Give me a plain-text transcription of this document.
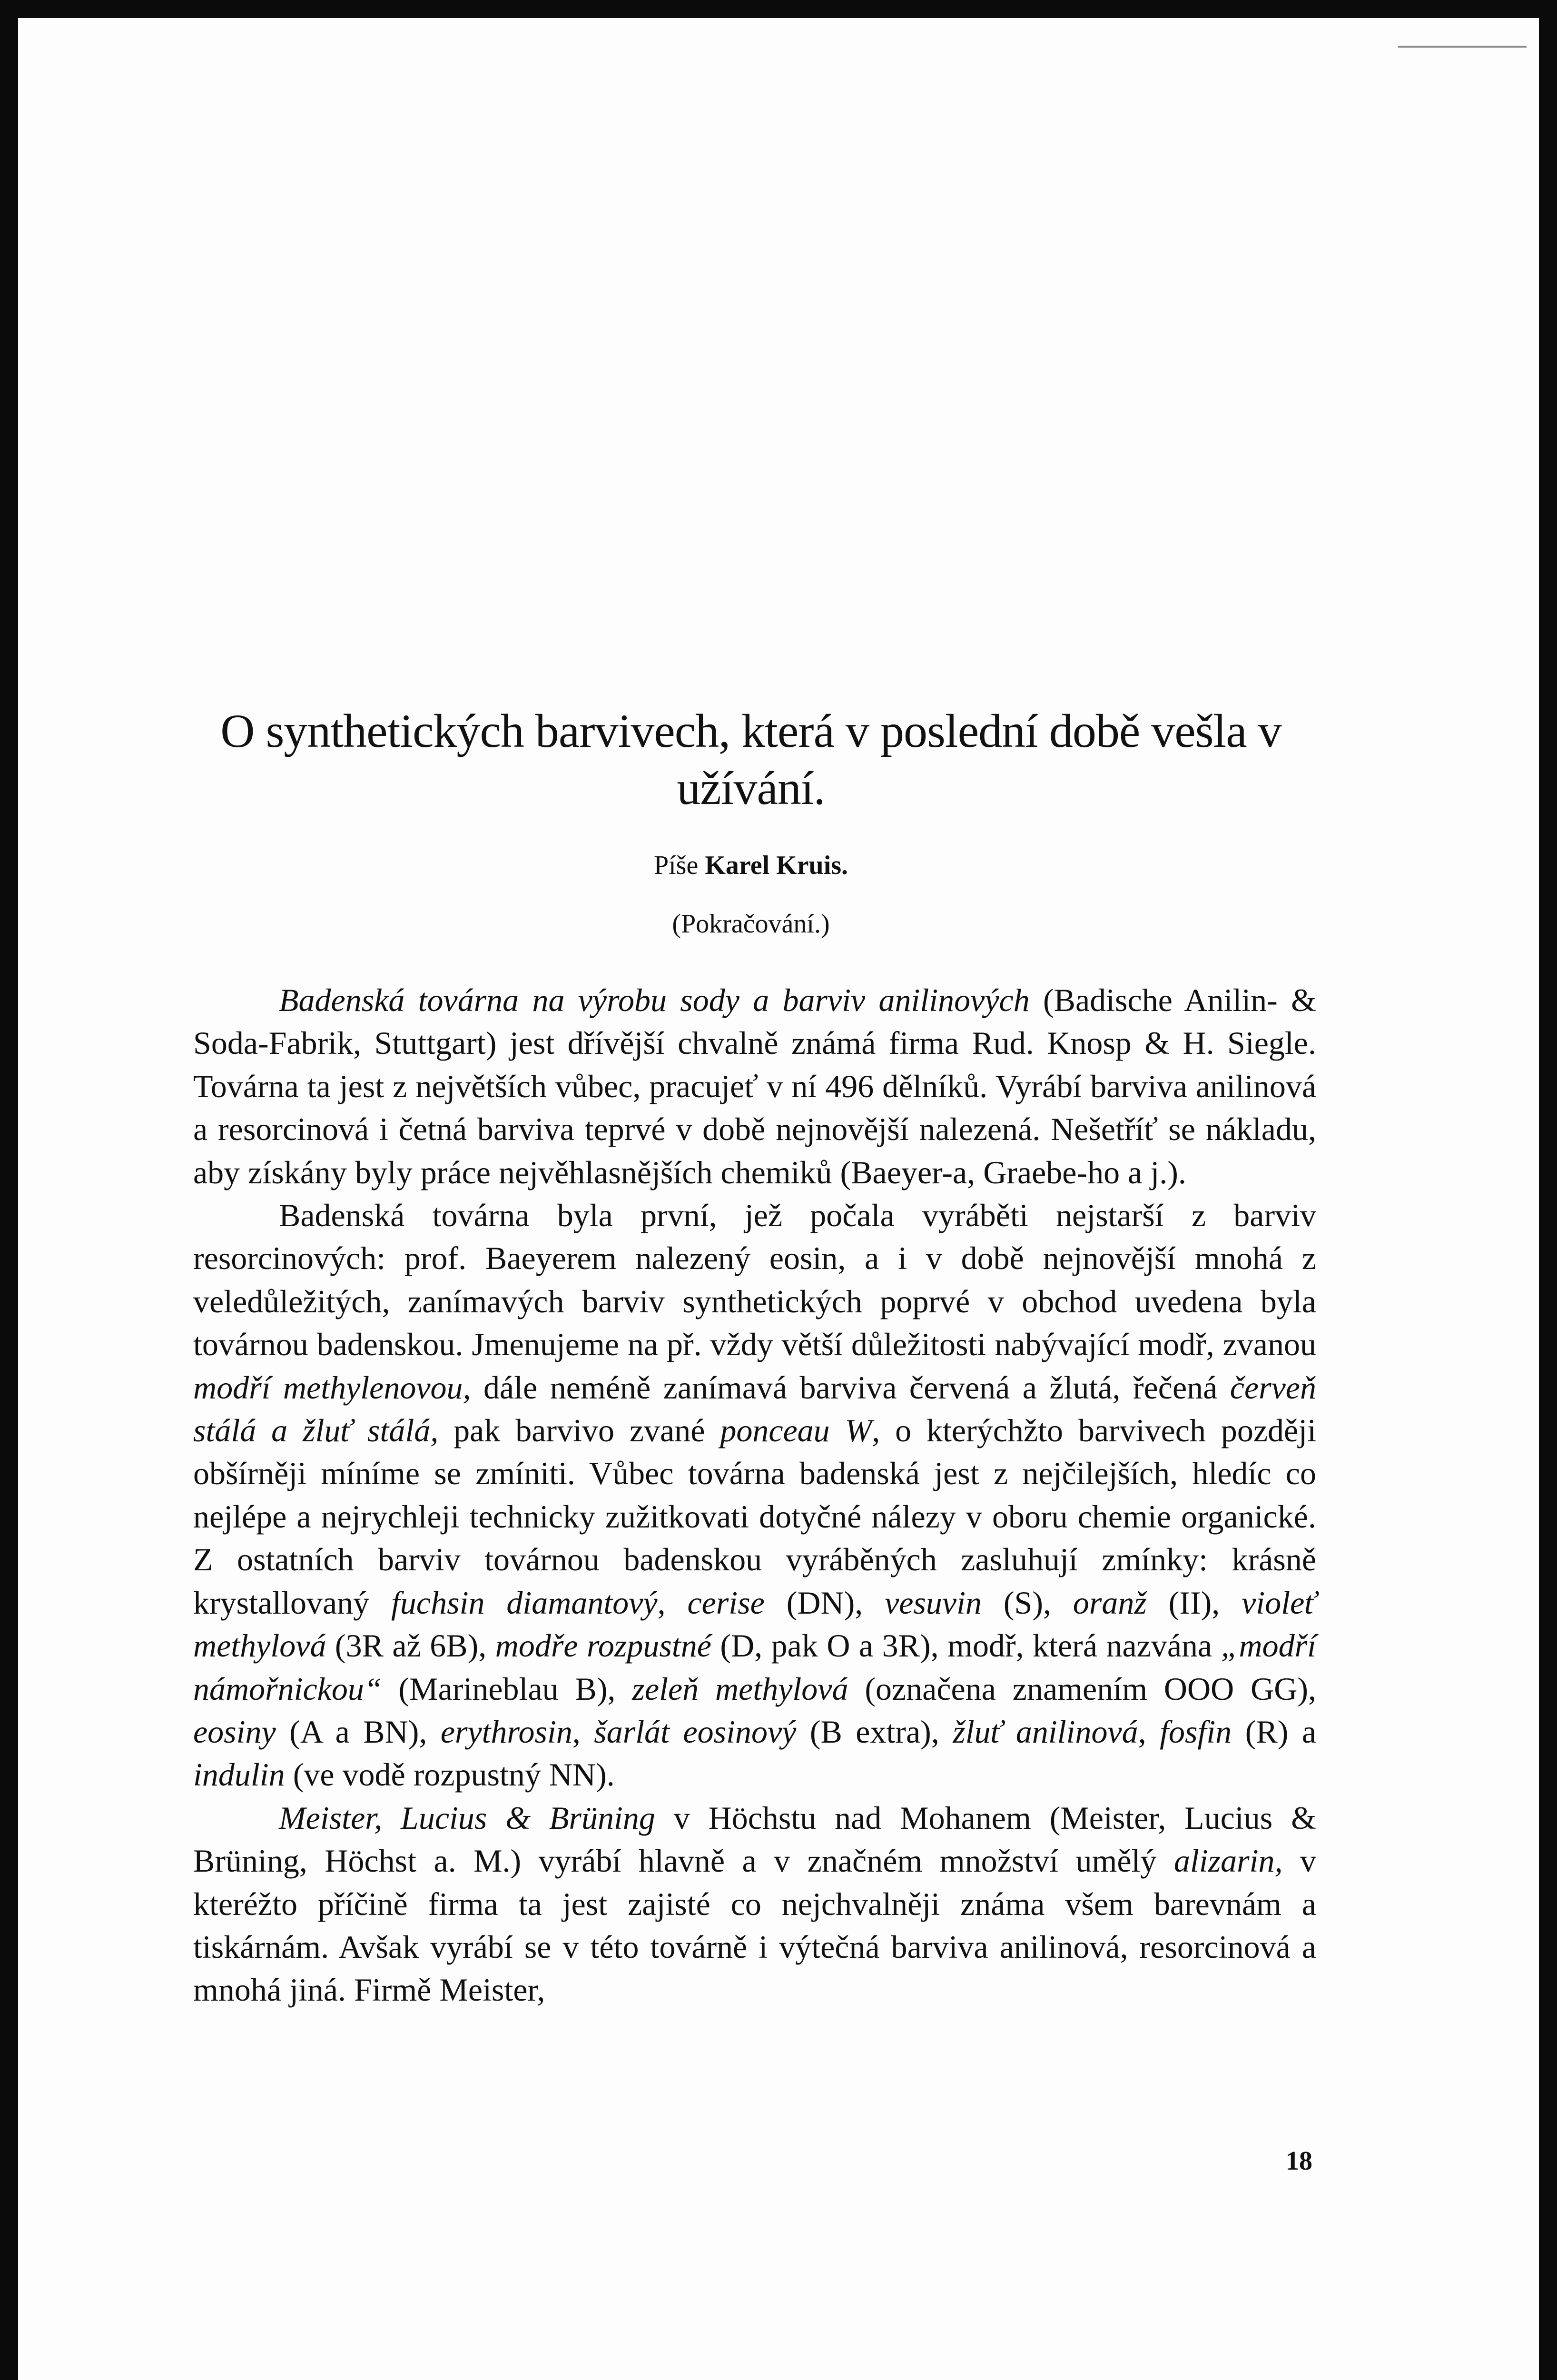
O synthetických barvivech, která v poslední době vešla v užívání.
Píše Karel Kruis.
(Pokračování.)

Badenská továrna na výrobu sody a barviv anilinových (Badische Anilin- & Soda-Fabrik, Stuttgart) jest dřívější chvalně známá firma Rud. Knosp & H. Siegle. Továrna ta jest z největších vůbec, pracujeť v ní 496 dělníků. Vyrábí barviva anilinová a resorcinová i četná barviva teprvé v době nejnovější nalezená. Nešetříť se nákladu, aby získány byly práce nejvěhlasnějších chemiků (Baeyer-a, Graebe-ho a j.).

Badenská továrna byla první, jež počala vyráběti nejstarší z barviv resorcinových: prof. Baeyerem nalezený eosin, a i v době nejnovější mnohá z veledůležitých, zanímavých barviv synthetických poprvé v obchod uvedena byla továrnou badenskou. Jmenujeme na př. vždy větší důležitosti nabývající modř, zvanou modří methylenovou, dále neméně zanímavá barviva červená a žlutá, řečená červeň stálá a žluť stálá, pak barvivo zvané ponceau W, o kterýchžto barvivech později obšírněji míníme se zmíniti. Vůbec továrna badenská jest z nejčilejších, hledíc co nejlépe a nejrychleji technicky zužitkovati dotyčné nálezy v oboru chemie organické. Z ostatních barviv továrnou badenskou vyráběných zasluhují zmínky: krásně krystallovaný fuchsin diamantový, cerise (DN), vesuvin (S), oranž (II), violeť methylová (3R až 6B), modře rozpustné (D, pak O a 3R), modř, která nazvána „modří námořnickou“ (Marineblau B), zeleň methylová (označena znamením OOO GG), eosiny (A a BN), erythrosin, šarlát eosinový (B extra), žluť anilinová, fosfin (R) a indulin (ve vodě rozpustný NN).

Meister, Lucius & Brüning v Höchstu nad Mohanem (Meister, Lucius & Brüning, Höchst a. M.) vyrábí hlavně a v značném množství umělý alizarin, v kteréžto příčině firma ta jest zajisté co nejchvalněji známa všem barevnám a tiskárnám. Avšak vyrábí se v této továrně i výtečná barviva anilinová, resorcinová a mnohá jiná. Firmě Meister,

18
